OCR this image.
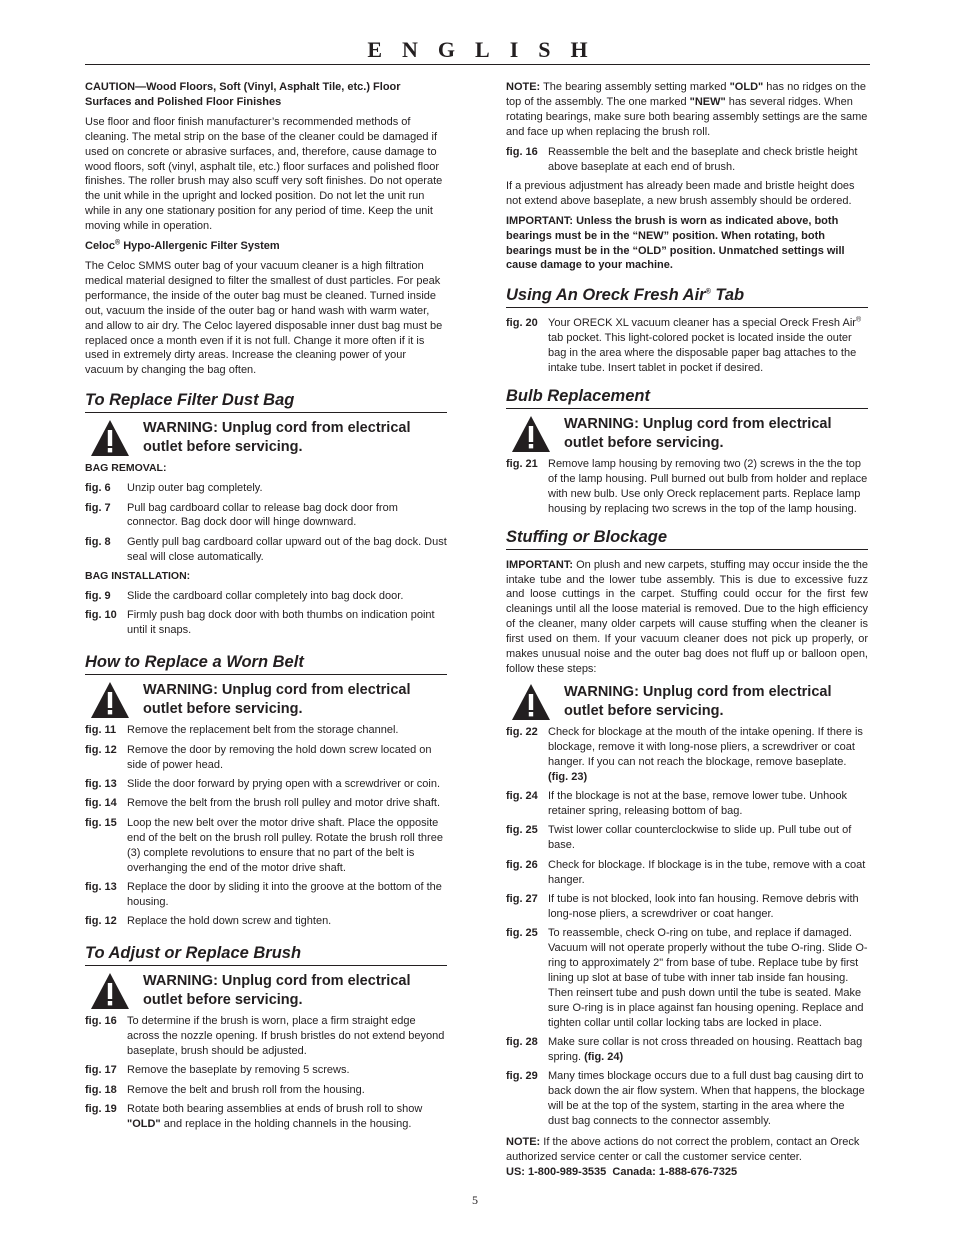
ENGLISH

CAUTION—Wood Floors, Soft (Vinyl, Asphalt Tile, etc.) Floor Surfaces and Polished Floor Finishes

Use floor and floor finish manufacturer’s recommended methods of cleaning. The metal strip on the base of the cleaner could be damaged if used on concrete or abrasive surfaces, and, therefore, cause damage to wood floors, soft (vinyl, asphalt tile, etc.) floor surfaces and polished floor finishes. The roller brush may also scuff very soft finishes. Do not operate the unit while in the upright and locked position. Do not let the unit run while in any one stationary position for any period of time. Keep the unit moving while in operation.

Celoc® Hypo-Allergenic Filter System

The Celoc SMMS outer bag of your vacuum cleaner is a high filtration medical material designed to filter the smallest of dust particles. For peak performance, the inside of the outer bag must be cleaned. Turned inside out, vacuum the inside of the outer bag or hand wash with warm water, and allow to air dry. The Celoc layered disposable inner dust bag must be replaced once a month even if it is not full. Change it more often if it is used in extremely dirty areas. Increase the cleaning power of your vacuum by changing the bag often.

To Replace Filter Dust Bag
WARNING: Unplug cord from electrical
outlet before servicing.

BAG REMOVAL:

fig. 6	Unzip outer bag completely.
fig. 7	Pull bag cardboard collar to release bag dock door from connector. Bag dock door will hinge downward.
fig. 8	Gently pull bag cardboard collar upward out of the bag dock. Dust seal will close automatically.

BAG INSTALLATION:

fig. 9	Slide the cardboard collar completely into bag dock door.
fig. 10 Firmly push bag dock door with both thumbs on indication point until it snaps.
How to Replace a Worn Belt
WARNING: Unplug cord from electrical
outlet before servicing.
fig. 11 Remove the replacement belt from the storage channel.
fig. 12 Remove the door by removing the hold down screw located on side of power head.
fig. 13 Slide the door forward by prying open with a screwdriver or coin.
fig. 14 Remove the belt from the brush roll pulley and motor drive shaft.
fig. 15 Loop the new belt over the motor drive shaft. Place the opposite end of the belt on the brush roll pulley. Rotate the brush roll three (3) complete revolutions to ensure that no part of the belt is overhanging the end of the motor drive shaft.
fig. 13 Replace the door by sliding it into the groove at the bottom of the housing.
fig. 12 Replace the hold down screw and tighten.
To Adjust or Replace Brush
WARNING: Unplug cord from electrical
outlet before servicing.
fig. 16 To determine if the brush is worn, place a firm straight edge across the nozzle opening. If brush bristles do not extend beyond baseplate, brush should be adjusted.
fig. 17 Remove the baseplate by removing 5 screws.
fig. 18 Remove the belt and brush roll from the housing.
fig. 19 Rotate both bearing assemblies at ends of brush roll to show "OLD" and replace in the holding channels in the housing.

NOTE: The bearing assembly setting marked "OLD" has no ridges on the top of the assembly. The one marked "NEW" has several ridges. When rotating bearings, make sure both bearing assembly settings are the same and face up when replacing the brush roll.

fig. 16 Reassemble the belt and the baseplate and check bristle height above baseplate at each end of brush.

If a previous adjustment has already been made and bristle height does not extend above baseplate, a new brush assembly should be ordered.

IMPORTANT: Unless the brush is worn as indicated above, both bearings must be in the “NEW” position. When rotating, both bearings must be in the “OLD” position. Unmatched settings will cause damage to your machine.

Using An Oreck Fresh Air® Tab
fig. 20 Your ORECK XL vacuum cleaner has a special Oreck Fresh Air® tab pocket. This light-colored pocket is located inside the outer bag in the area where the disposable paper bag attaches to the intake tube. Insert tablet in pocket if desired.
Bulb Replacement
WARNING: Unplug cord from electrical
outlet before servicing.
fig. 21 Remove lamp housing by removing two (2) screws in the the top of the lamp housing. Pull burned out bulb from holder and replace with new bulb. Use only Oreck replacement parts. Replace lamp housing by replacing two screws in the top of the lamp housing.
Stuffing or Blockage

IMPORTANT: On plush and new carpets, stuffing may occur inside the the intake tube and the lower tube assembly. This is due to excessive fuzz and loose cuttings in the carpet. Stuffing could occur for the first few cleanings until all the loose material is removed. Due to the high efficiency of the cleaner, many older carpets will cause stuffing when the cleaner is first used on them. If your vacuum cleaner does not pick up properly, or makes unusual noise and the outer bag does not fluff up or balloon open, follow these steps:

WARNING: Unplug cord from electrical
outlet before servicing.
fig. 22 Check for blockage at the mouth of the intake opening. If there is blockage, remove it with long-nose pliers, a screwdriver or coat hanger. If you can not reach the blockage, remove baseplate. (fig. 23)
fig. 24 If the blockage is not at the base, remove lower tube. Unhook retainer spring, releasing bottom of bag.
fig. 25 Twist lower collar counterclockwise to slide up. Pull tube out of base.
fig. 26 Check for blockage. If blockage is in the tube, remove with a coat hanger.
fig. 27 If tube is not blocked, look into fan housing. Remove debris with long-nose pliers, a screwdriver or coat hanger.
fig. 25 To reassemble, check O-ring on tube, and replace if damaged. Vacuum will not operate properly without the tube O-ring. Slide O-ring to approximately 2" from base of tube. Replace tube by first lining up slot at base of tube with inner tab inside fan housing. Then reinsert tube and push down until the tube is seated. Make sure O-ring is in place against fan housing opening. Replace and tighten collar until collar locking tabs are locked in place.
fig. 28 Make sure collar is not cross threaded on housing. Reattach bag spring. (fig. 24)
fig. 29 Many times blockage occurs due to a full dust bag causing dirt to back down the air flow system. When that happens, the blockage will be at the top of the system, starting in the area where the dust bag connects to the connector assembly.

NOTE: If the above actions do not correct the problem, contact an Oreck authorized service center or call the customer service center.

US: 1-800-989-3535  Canada: 1-888-676-7325

5
